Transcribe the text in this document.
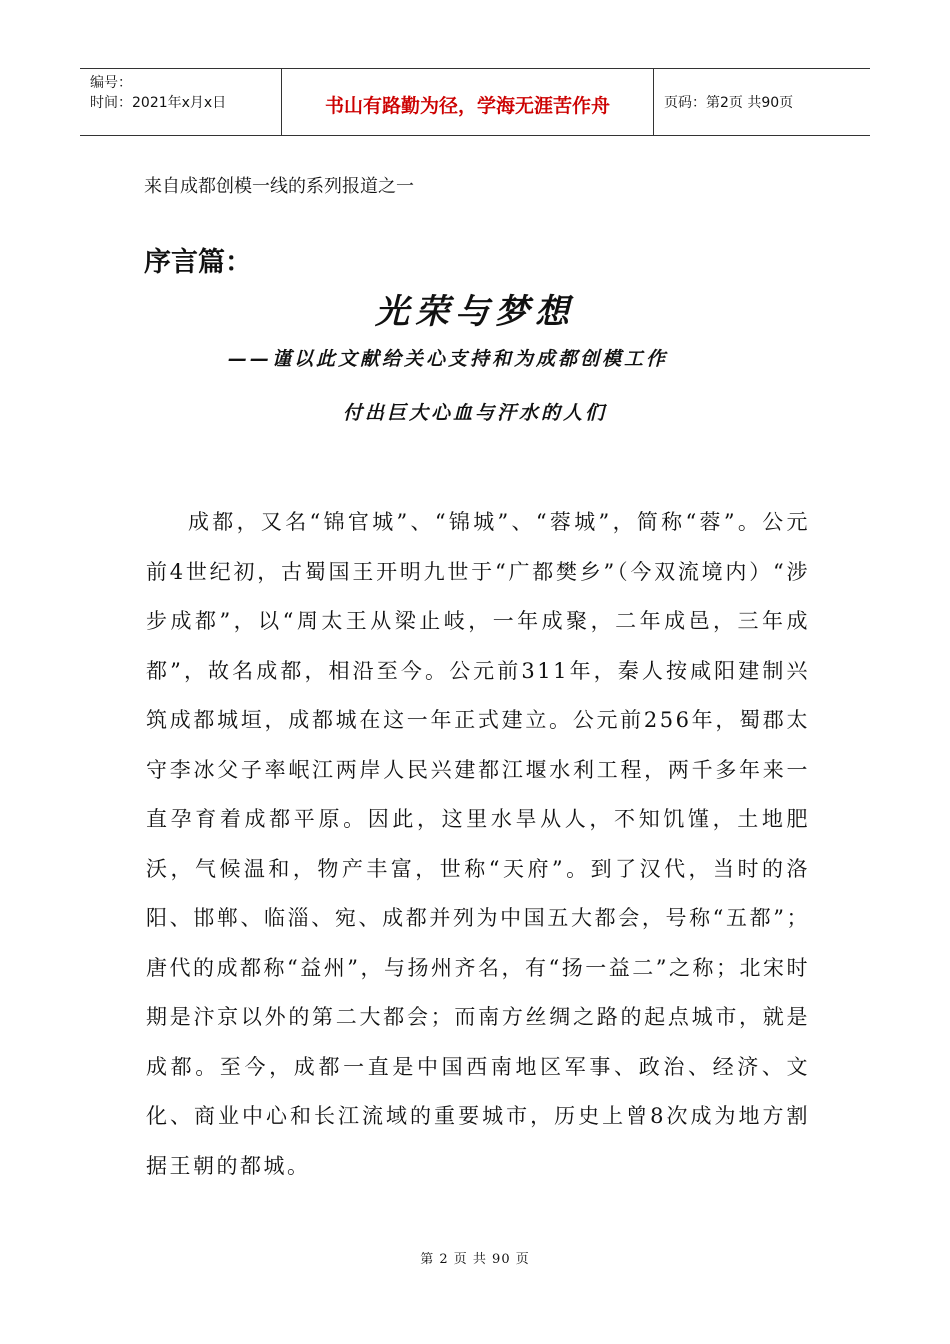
编号：
时间：2021年x月x日	书山有路勤为径，学海无涯苦作舟	页码：第2页 共90页
来自成都创模一线的系列报道之一
序言篇：
光荣与梦想
——谨以此文献给关心支持和为成都创模工作
付出巨大心血与汗水的人们

成都，又名“锦官城”、“锦城”、“蓉城”，简称“蓉”。公元前4世纪初，古蜀国王开明九世于“广都樊乡”（今双流境内）“涉步成都”，以“周太王从梁止岐，一年成聚，二年成邑，三年成都”，故名成都，相沿至今。公元前311年，秦人按咸阳建制兴筑成都城垣，成都城在这一年正式建立。公元前256年，蜀郡太守李冰父子率岷江两岸人民兴建都江堰水利工程，两千多年来一直孕育着成都平原。因此，这里水旱从人，不知饥馑，土地肥沃，气候温和，物产丰富，世称“天府”。到了汉代，当时的洛阳、邯郸、临淄、宛、成都并列为中国五大都会，号称“五都”；唐代的成都称“益州”，与扬州齐名，有“扬一益二”之称；北宋时期是汴京以外的第二大都会；而南方丝绸之路的起点城市，就是成都。至今，成都一直是中国西南地区军事、政治、经济、文化、商业中心和长江流域的重要城市，历史上曾8次成为地方割据王朝的都城。

第 2 页 共 90 页
